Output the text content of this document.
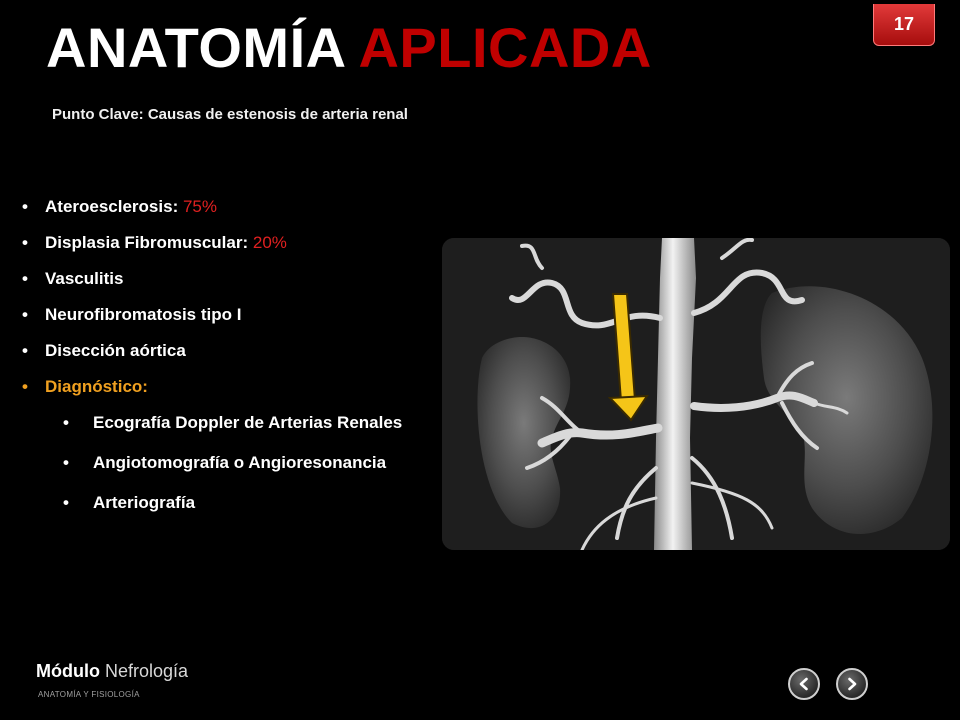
ANATOMÍA APLICADA
Punto Clave: Causas de estenosis de arteria renal
17
• Ateroesclerosis: 75%
• Displasia Fibromuscular: 20%
• Vasculitis
• Neurofibromatosis tipo I
• Disección aórtica
• Diagnóstico:
• Ecografía Doppler de Arterias Renales
• Angiotomografía o Angioresonancia
• Arteriografía
Módulo Nefrología
ANATOMÍA Y FISIOLOGÍA
